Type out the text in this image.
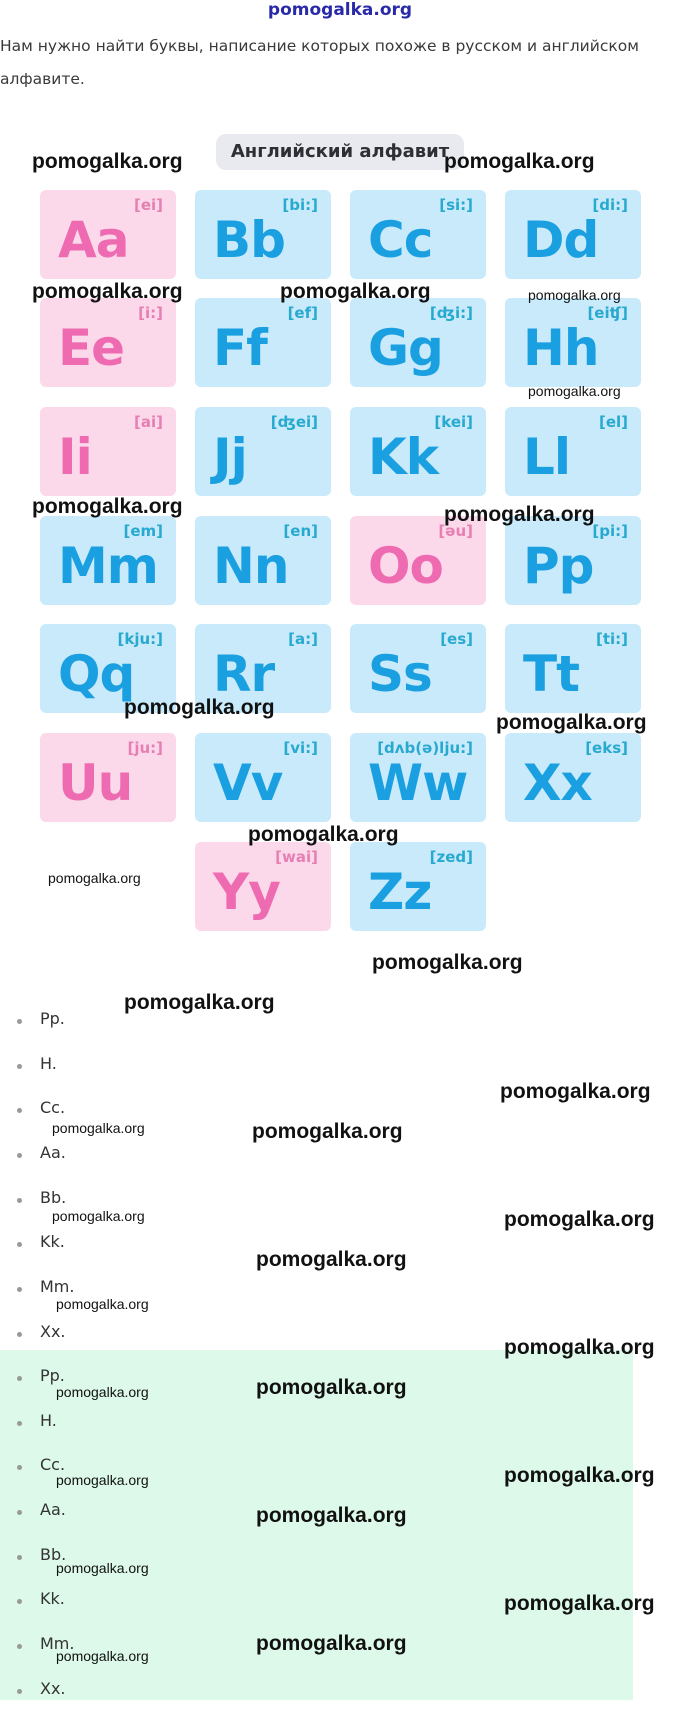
pomogalka.org
Нам нужно найти буквы, написание которых похоже в русском и английском алфавите.
Английский алфавит
[ei]
Aa
[bi:]
Bb
[si:]
Cc
[di:]
Dd
[i:]
Ee
[ef]
Ff
[ʤi:]
Gg
[eiʧ]
Hh
[ai]
Ii
[ʤei]
Jj
[kei]
Kk
[el]
Ll
[em]
Mm
[en]
Nn
[əu]
Oo
[pi:]
Pp
[kju:]
Qq
[a:]
Rr
[es]
Ss
[ti:]
Tt
[ju:]
Uu
[vi:]
Vv
[dʌb(ə)lju:]
Ww
[eks]
Xx
[wai]
Yy
[zed]
Zz
Pp.
H.
Cc.
Aa.
Bb.
Kk.
Mm.
Xx.
Pp.
H.
Cc.
Aa.
Bb.
Kk.
Mm.
Xx.
pomogalka.org	pomogalka.org
pomogalka.org	pomogalka.org	pomogalka.org
pomogalka.org
pomogalka.org	pomogalka.org
pomogalka.org
pomogalka.org
pomogalka.org
pomogalka.org
pomogalka.org
pomogalka.org
pomogalka.org
pomogalka.org
pomogalka.org
pomogalka.org
pomogalka.org
pomogalka.org
pomogalka.org
pomogalka.org
pomogalka.org
pomogalka.org
pomogalka.org
pomogalka.org
pomogalka.org
pomogalka.org
pomogalka.org
pomogalka.org
pomogalka.org
